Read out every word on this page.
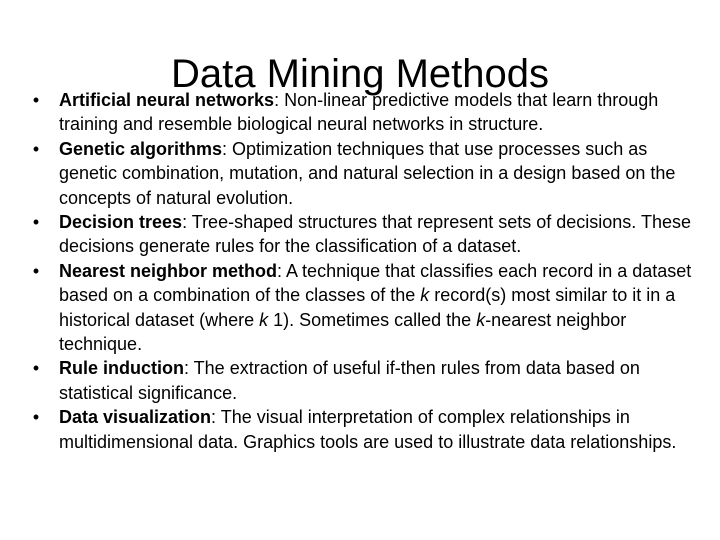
Data Mining Methods
• Artificial neural networks: Non-linear predictive models that learn through training and resemble biological neural networks in structure.
• Genetic algorithms: Optimization techniques that use processes such as genetic combination, mutation, and natural selection in a design based on the concepts of natural evolution.
• Decision trees: Tree-shaped structures that represent sets of decisions. These decisions generate rules for the classification of a dataset.
• Nearest neighbor method: A technique that classifies each record in a dataset based on a combination of the classes of the k record(s) most similar to it in a historical dataset (where k 1). Sometimes called the k-nearest neighbor technique.
• Rule induction: The extraction of useful if-then rules from data based on statistical significance.
• Data visualization: The visual interpretation of complex relationships in multidimensional data. Graphics tools are used to illustrate data relationships.
